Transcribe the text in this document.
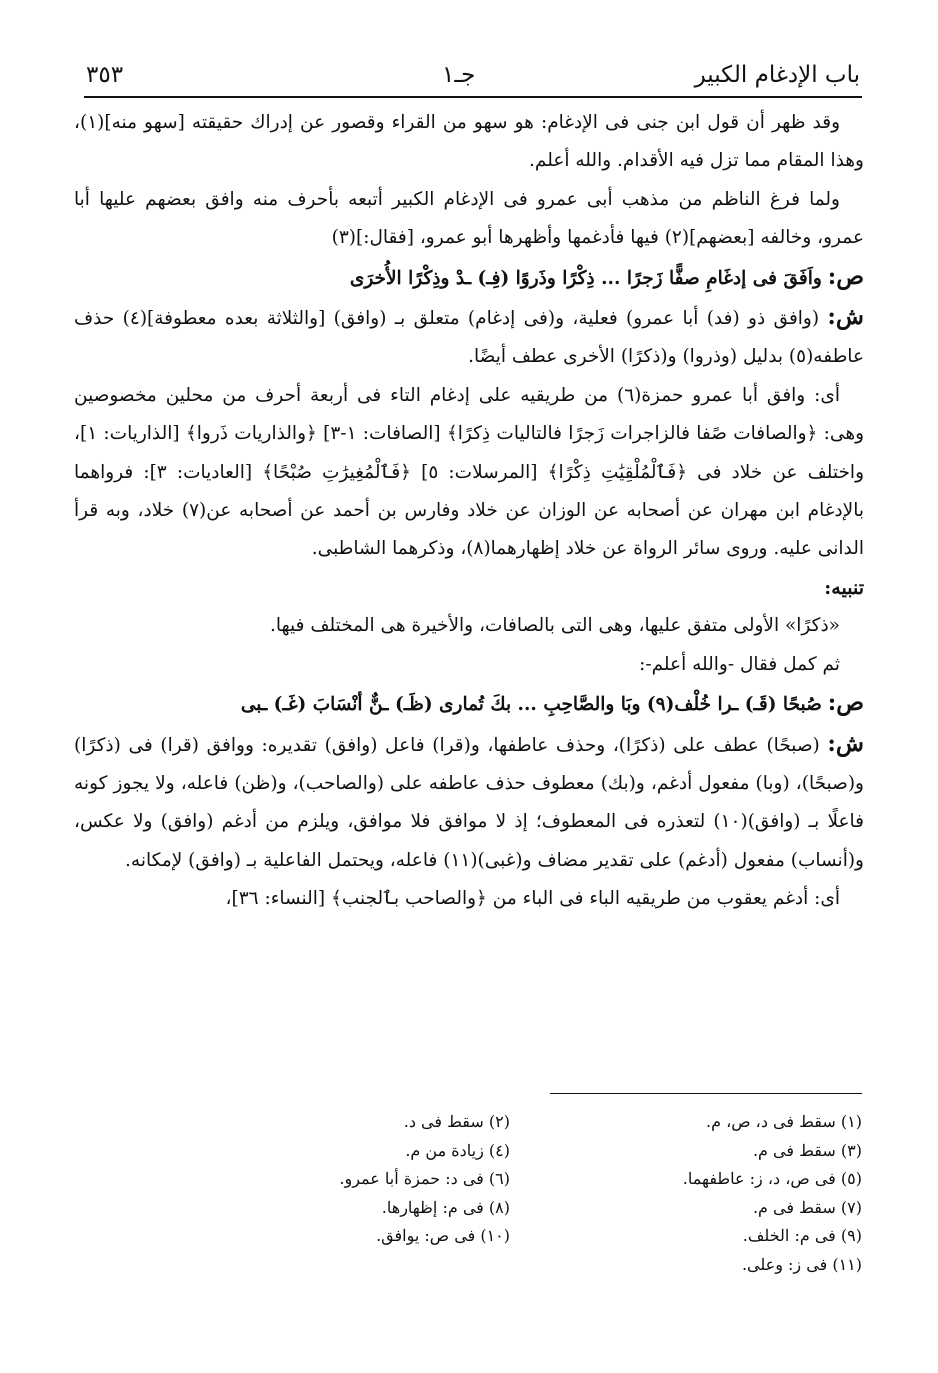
باب الإدغام الكبير
جـ١
٣٥٣

وقد ظهر أن قول ابن جنى فى الإدغام: هو سهو من القراء وقصور عن إدراك حقيقته [سهو منه](١)، وهذا المقام مما تزل فيه الأقدام. والله أعلم.

ولما فرغ الناظم من مذهب أبى عمرو فى الإدغام الكبير أتبعه بأحرف منه وافق بعضهم عليها أبا عمرو، وخالفه [بعضهم](٢) فيها فأدغمها وأظهرها أبو عمرو، [فقال:](٣)

ص: واَفَقَ فى إدغَامِ صفًّا زَجرًا ... ذِكْرًا وذَروًا (فِـ) ـدْ وذِكْرًا الأُخرَى

ش: (وافق ذو (فد) أبا عمرو) فعلية، و(فى إدغام) متعلق بـ (وافق) [والثلاثة بعده معطوفة](٤) حذف عاطفه(٥) بدليل (وذروا) و(ذكرًا) الأخرى عطف أيضًا.

أى: وافق أبا عمرو حمزة(٦) من طريقيه على إدغام التاء فى أربعة أحرف من محلين مخصوصين وهى: ﴿والصافات صًفا فالزاجرات زَجرًا فالتاليات ذِكرًا﴾ [الصافات: ١-٣] ﴿والذاريات ذَروا﴾ [الذاريات: ١]، واختلف عن خلاد فى ﴿فَٱلْمُلْقِيَٰتِ ذِكْرًا﴾ [المرسلات: ٥] ﴿فَٱلْمُغِيرَٰتِ صُبْحًا﴾ [العاديات: ٣]: فرواهما بالإدغام ابن مهران عن أصحابه عن الوزان عن خلاد وفارس بن أحمد عن أصحابه عن(٧) خلاد، وبه قرأ الدانى عليه. وروى سائر الرواة عن خلاد إظهارهما(٨)، وذكرهما الشاطبى.

تنبيه:

«ذكرًا» الأولى متفق عليها، وهى التى بالصافات، والأخيرة هى المختلف فيها.

ثم كمل فقال -والله أعلم-:

ص: صُبحًا (قَـ) ـرا خُلْف(٩) وبَا والصَّاحِبِ ... بكَ تُمارى (ظَـ) ـنٌّ أنْسَابَ (غَـ) ـبى

ش: (صبحًا) عطف على (ذكرًا)، وحذف عاطفها، و(قرا) فاعل (وافق) تقديره: ووافق (قرا) فى (ذكرًا) و(صبحًا)، (وبا) مفعول أدغم، و(بك) معطوف حذف عاطفه على (والصاحب)، و(ظن) فاعله، ولا يجوز كونه فاعلًا بـ (وافق)(١٠) لتعذره فى المعطوف؛ إذ لا موافق فلا موافق، ويلزم من أدغم (وافق) ولا عكس، و(أنساب) مفعول (أدغم) على تقدير مضاف و(غبى)(١١) فاعله، ويحتمل الفاعلية بـ (وافق) لإمكانه.

أى: أدغم يعقوب من طريقيه الباء فى الباء من ﴿والصاحب بٱلجنب﴾ [النساء: ٣٦]،

(١) سقط فى د، ص، م.
(٣) سقط فى م.
(٥) فى ص، د، ز: عاطفهما.
(٧) سقط فى م.
(٩) فى م: الخلف.
(١١) فى ز: وعلى.
(٢) سقط فى د.
(٤) زيادة من م.
(٦) فى د: حمزة أبا عمرو.
(٨) فى م: إظهارها.
(١٠) فى ص: يوافق.
